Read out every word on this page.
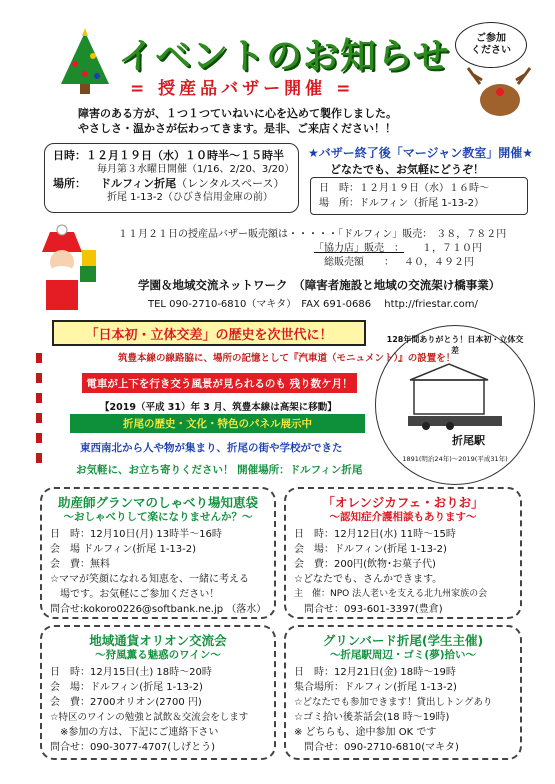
イベントのお知らせ
= 授産品バザー開催 =
ご参加
ください
障害のある方が、１つ１つていねいに心を込めて製作しました。
やさしさ・温かさが伝わってきます。是非、ご来店ください！！
日時：１２月１９日（水）１０時半〜１５時半
毎月第３水曜日開催（1/16、2/20、3/20）
場所： ドルフィン折尾（レンタルスペース）
折尾 1-13-2（ひびき信用金庫の前）
★バザー終了後「マージャン教室」開催★
どなたでも、お気軽にどうぞ！
日　時：１２月１９日（水）１６時〜
場　所：ドルフィン（折尾 1-13-2）
１１月２１日の授産品バザー販売額は・・・・・「ドルフィン」販売： ３８，７８２円
「協力店」販売　：	１，７１０円
総販売額　　：	４０，４９２円
学園＆地域交流ネットワーク　（障害者施設と地域の交流架け橋事業）
TEL 090-2710-6810（マキタ）　FAX 691-0686　 http://friestar.com/
「日本初・立体交差」の歴史を次世代に！
筑豊本線の線路脇に、場所の記憶として『汽車道（モニュメント）』の設置を！
電車が上下を行き交う風景が見られるのも 残り数ケ月！
【2019（平成 31）年 3 月、筑豊本線は高架に移動】
折尾の歴史・文化・特色のパネル展示中
東西南北から人や物が集まり、折尾の街や学校ができた
お気軽に、お立ち寄りください！ 開催場所：ドルフィン折尾
128年間ありがとう！日本初・立体交差
折尾駅
1891(明治24年)〜2019(平成31年)
助産師グランマのしゃべり場知恵袋
〜おしゃべりして楽になりませんか？〜
日　時：12月10日(月) 13時半〜16時
会　場 ドルフィン(折尾 1-13-2)
会　費：無料
☆ママが笑顔になれる知恵を、一緒に考える
　場です。お気軽にご参加ください！
問合せ:kokoro0226@softbank.ne.jp （落水）
「オレンジカフェ・おりお」
〜認知症介護相談もあります〜
日　時：12月12日(水) 11時〜15時
会　場：ドルフィン(折尾 1-13-2)
会　費：200円(飲物･お菓子代)
☆どなたでも、さんかできます。
主　催：NPO 法人老いを支える北九州家族の会
　問合せ：093-601-3397(豊倉)
地域通貨オリオン交流会
〜狩風薫る魅惑のワイン〜
日　時：12月15日(土) 18時〜20時
会　場：ドルフィン(折尾 1-13-2)
会　費：2700オリオン(2700 円)
☆特区のワインの勉強と試飲＆交流会をします
　※参加の方は、下記にご連絡下さい
問合せ：090-3077-4707(しげとう)
グリンバード折尾(学生主催)
〜折尾駅周辺・ゴミ(夢)拾い〜
日　時：12月21日(金) 18時〜19時
集合場所：ドルフィン(折尾 1-13-2)
☆どなたでも参加できます！貸出しトングあり
☆ゴミ拾い後茶話会(18 時〜19時)
※ どちらも、途中参加 OK です
　問合せ：090-2710-6810(マキタ)
